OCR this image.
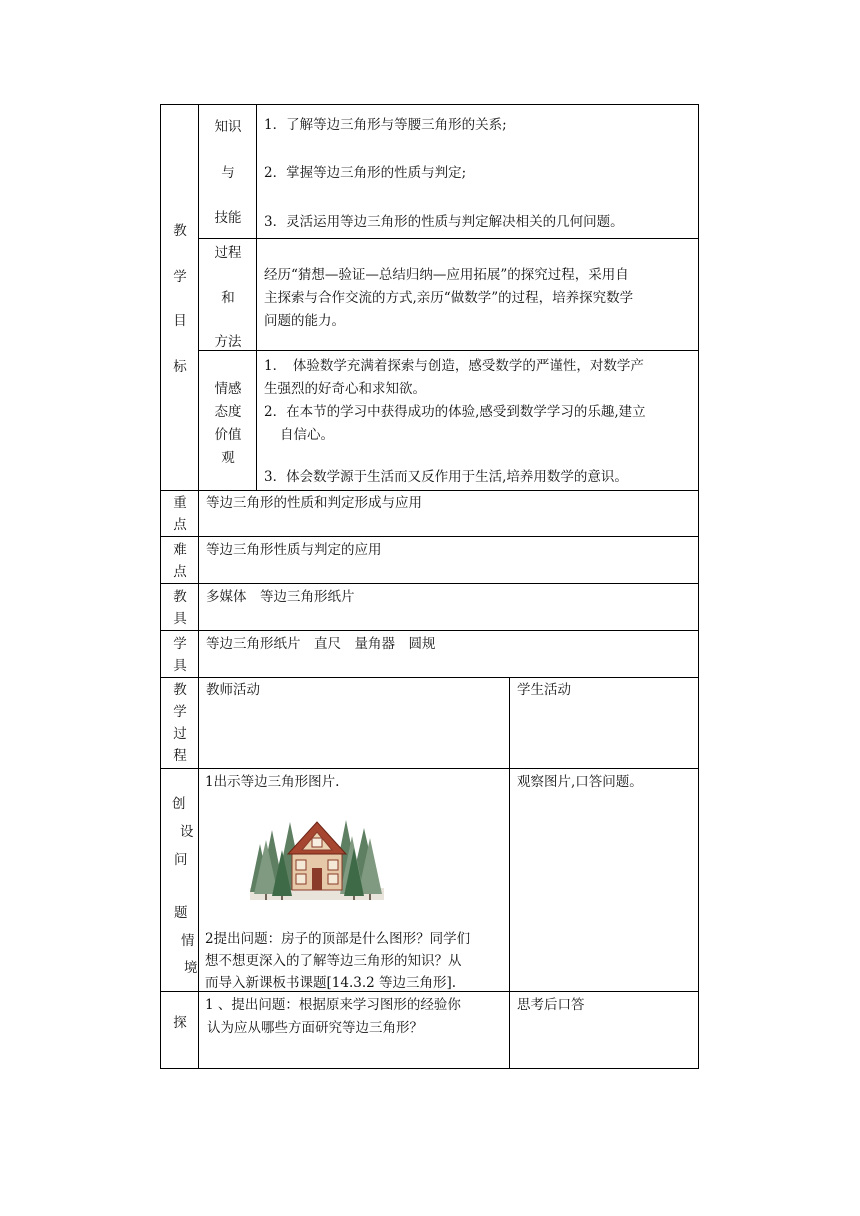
教
学
目
标
知识
与
技能
1．了解等边三角形与等腰三角形的关系;
2．掌握等边三角形的性质与判定;
3．灵活运用等边三角形的性质与判定解决相关的几何问题。
过程
和
方法
经历“猜想—验证—总结归纳—应用拓展”的探究过程，采用自
主探索与合作交流的方式,亲历“做数学”的过程，培养探究数学
问题的能力。
情感
态度
价值
观
1．　体验数学充满着探索与创造，感受数学的严谨性，对数学产
生强烈的好奇心和求知欲。
2．在本节的学习中获得成功的体验,感受到数学学习的乐趣,建立
自信心。
3．体会数学源于生活而又反作用于生活,培养用数学的意识。
重
点
等边三角形的性质和判定形成与应用
难
点
等边三角形性质与判定的应用
教
具
多媒体　等边三角形纸片
学
具
等边三角形纸片　直尺　量角器　圆规
教
学
过
程
教师活动	学生活动
创
设
问
题
情
境
1出示等边三角形图片.
2提出问题：房子的顶部是什么图形？同学们
想不想更深入的了解等边三角形的知识？从
而导入新课板书课题[14.3.2 等边三角形].
观察图片,口答问题。
探
1 、提出问题：根据原来学习图形的经验你
认为应从哪些方面研究等边三角形？
思考后口答
